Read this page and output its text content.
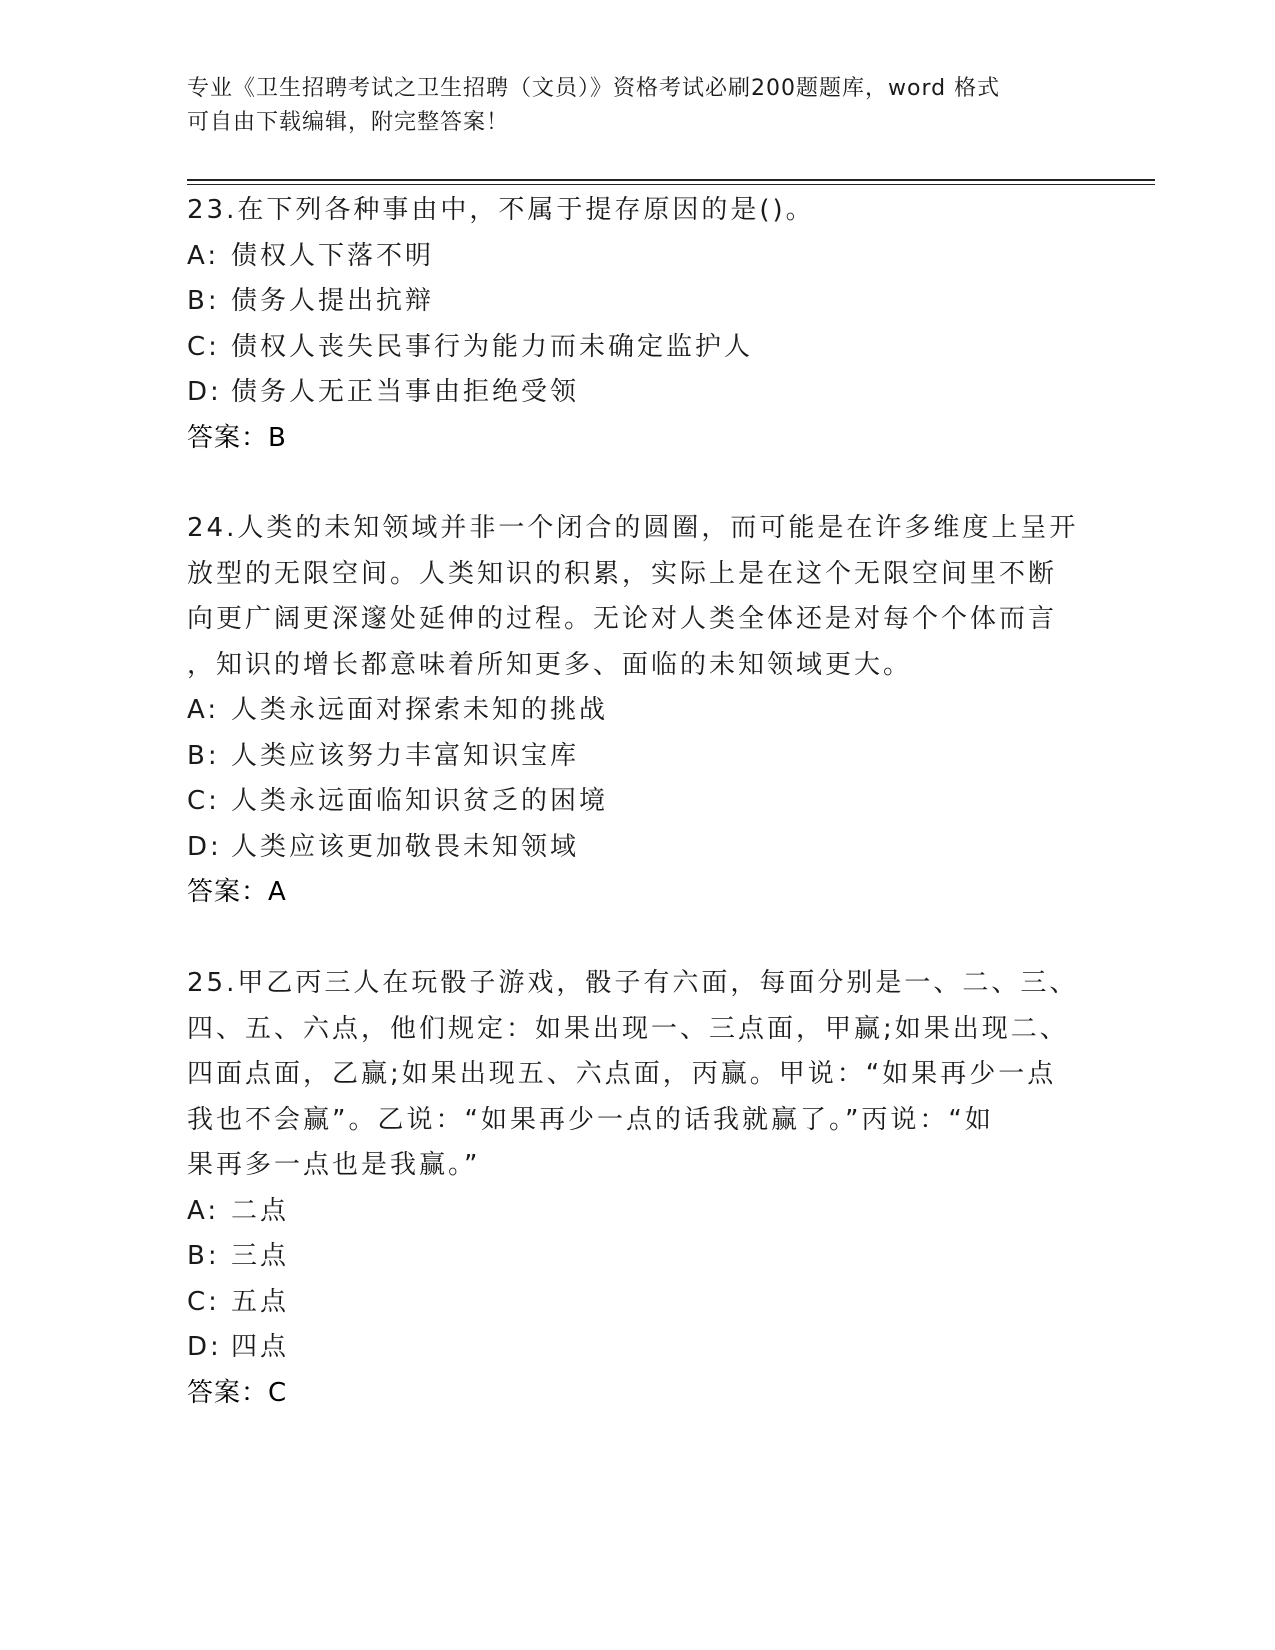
专业《卫生招聘考试之卫生招聘（文员）》资格考试必刷200题题库，word 格式
可自由下载编辑，附完整答案！

23.在下列各种事由中，不属于提存原因的是()。

A: 债权人下落不明

B: 债务人提出抗辩

C: 债权人丧失民事行为能力而未确定监护人

D: 债务人无正当事由拒绝受领

答案：B

24.人类的未知领域并非一个闭合的圆圈，而可能是在许多维度上呈开

放型的无限空间。人类知识的积累，实际上是在这个无限空间里不断

向更广阔更深邃处延伸的过程。无论对人类全体还是对每个个体而言

，知识的增长都意味着所知更多、面临的未知领域更大。

A: 人类永远面对探索未知的挑战

B: 人类应该努力丰富知识宝库

C: 人类永远面临知识贫乏的困境

D: 人类应该更加敬畏未知领域

答案：A

25.甲乙丙三人在玩骰子游戏，骰子有六面，每面分别是一、二、三、

四、五、六点，他们规定：如果出现一、三点面，甲赢;如果出现二、

四面点面，乙赢;如果出现五、六点面，丙赢。甲说：“如果再少一点

我也不会赢”。乙说：“如果再少一点的话我就赢了。”丙说：“如

果再多一点也是我赢。”

A: 二点

B: 三点

C: 五点

D: 四点

答案：C
